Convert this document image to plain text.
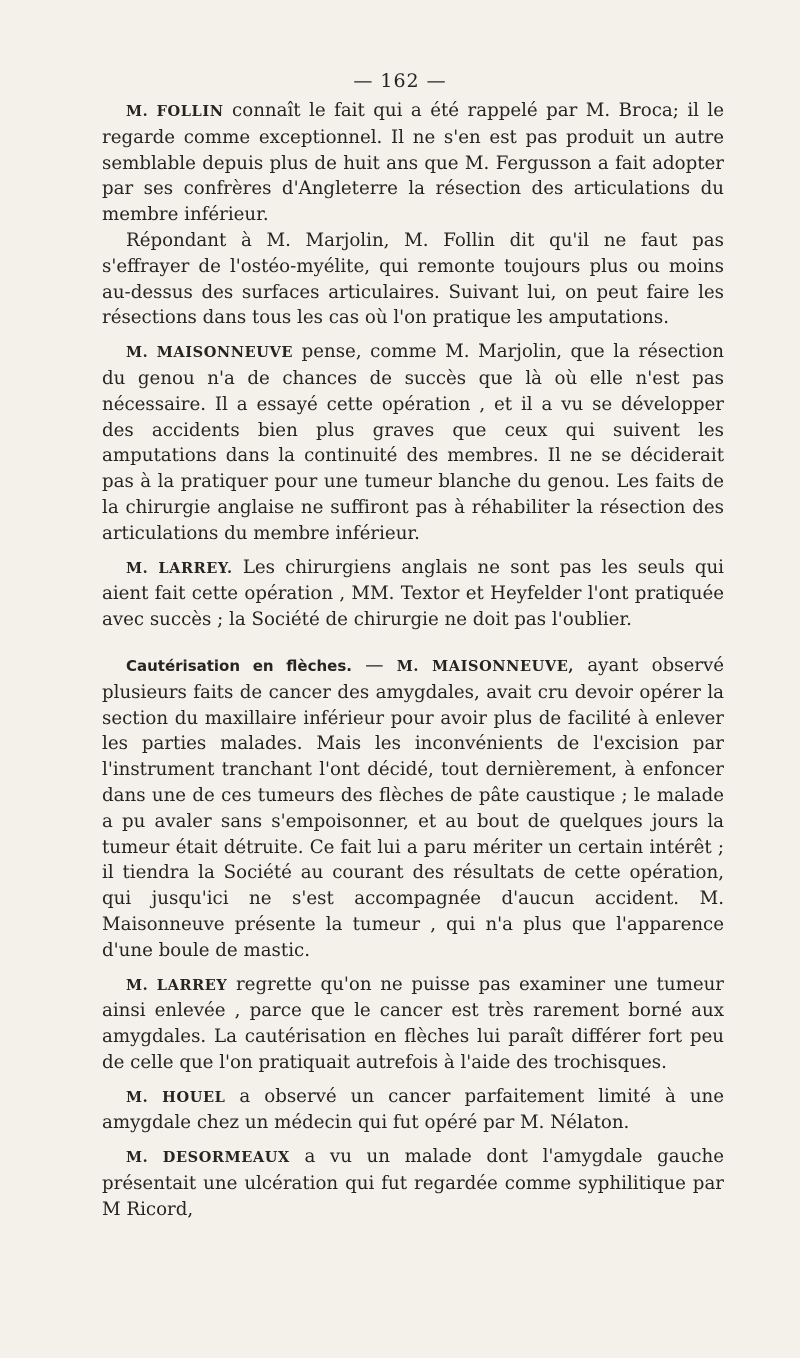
— 162 —

M. FOLLIN connaît le fait qui a été rappelé par M. Broca; il le regarde comme exceptionnel. Il ne s'en est pas produit un autre semblable depuis plus de huit ans que M. Fergusson a fait adopter par ses confrères d'Angleterre la résection des articulations du membre inférieur.

Répondant à M. Marjolin, M. Follin dit qu'il ne faut pas s'effrayer de l'ostéo-myélite, qui remonte toujours plus ou moins au-dessus des surfaces articulaires. Suivant lui, on peut faire les résections dans tous les cas où l'on pratique les amputations.

M. MAISONNEUVE pense, comme M. Marjolin, que la résection du genou n'a de chances de succès que là où elle n'est pas nécessaire. Il a essayé cette opération , et il a vu se développer des accidents bien plus graves que ceux qui suivent les amputations dans la continuité des membres. Il ne se déciderait pas à la pratiquer pour une tumeur blanche du genou. Les faits de la chirurgie anglaise ne suffiront pas à réhabiliter la résection des articulations du membre inférieur.

M. LARREY. Les chirurgiens anglais ne sont pas les seuls qui aient fait cette opération , MM. Textor et Heyfelder l'ont pratiquée avec succès ; la Société de chirurgie ne doit pas l'oublier.

Cautérisation en flèches. — M. MAISONNEUVE, ayant observé plusieurs faits de cancer des amygdales, avait cru devoir opérer la section du maxillaire inférieur pour avoir plus de facilité à enlever les parties malades. Mais les inconvénients de l'excision par l'instrument tranchant l'ont décidé, tout dernièrement, à enfoncer dans une de ces tumeurs des flèches de pâte caustique ; le malade a pu avaler sans s'empoisonner, et au bout de quelques jours la tumeur était détruite. Ce fait lui a paru mériter un certain intérêt ; il tiendra la Société au courant des résultats de cette opération, qui jusqu'ici ne s'est accompagnée d'aucun accident. M. Maisonneuve présente la tumeur , qui n'a plus que l'apparence d'une boule de mastic.

M. LARREY regrette qu'on ne puisse pas examiner une tumeur ainsi enlevée , parce que le cancer est très rarement borné aux amygdales. La cautérisation en flèches lui paraît différer fort peu de celle que l'on pratiquait autrefois à l'aide des trochisques.

M. HOUEL a observé un cancer parfaitement limité à une amygdale chez un médecin qui fut opéré par M. Nélaton.

M. DESORMEAUX a vu un malade dont l'amygdale gauche présentait une ulcération qui fut regardée comme syphilitique par M Ricord,
